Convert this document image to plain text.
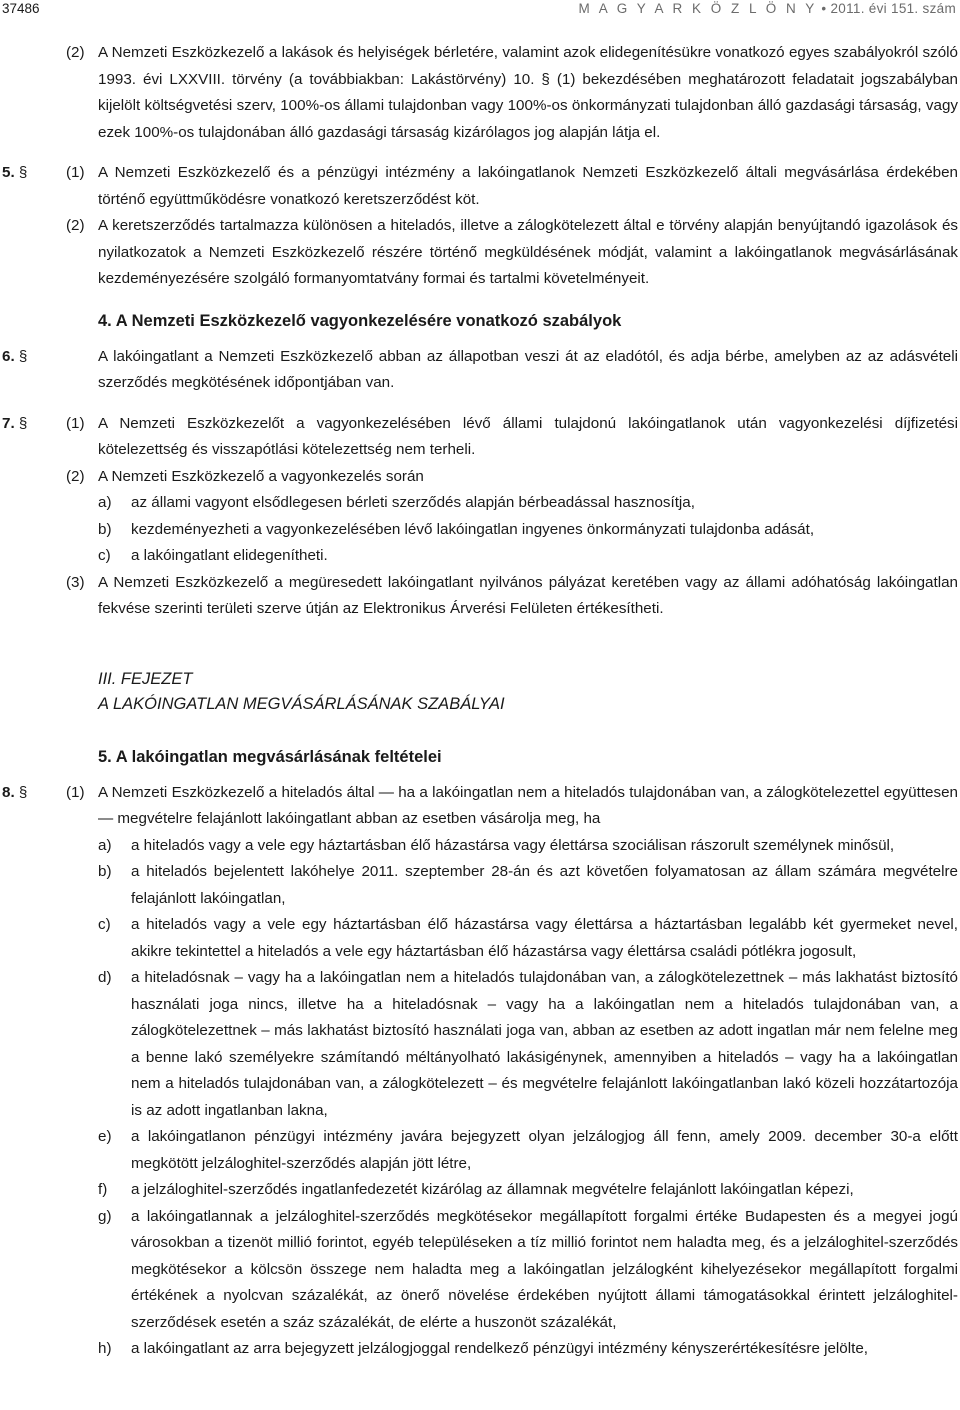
37486	M A G Y A R K Ö Z L Ö N Y • 2011. évi 151. szám
(2) A Nemzeti Eszközkezelő a lakások és helyiségek bérletére, valamint azok elidegenítésükre vonatkozó egyes szabályokról szóló 1993. évi LXXVIII. törvény (a továbbiakban: Lakástörvény) 10. § (1) bekezdésében meghatározott feladatait jogszabályban kijelölt költségvetési szerv, 100%-os állami tulajdonban vagy 100%-os önkormányzati tulajdonban álló gazdasági társaság, vagy ezek 100%-os tulajdonában álló gazdasági társaság kizárólagos jog alapján látja el.
5. §	(1) A Nemzeti Eszközkezelő és a pénzügyi intézmény a lakóingatlanok Nemzeti Eszközkezelő általi megvásárlása érdekében történő együttműködésre vonatkozó keretszerződést köt.
(2) A keretszerződés tartalmazza különösen a hiteladós, illetve a zálogkötelezett által e törvény alapján benyújtandó igazolások és nyilatkozatok a Nemzeti Eszközkezelő részére történő megküldésének módját, valamint a lakóingatlanok megvásárlásának kezdeményezésére szolgáló formanyomtatvány formai és tartalmi követelményeit.
4. A Nemzeti Eszközkezelő vagyonkezelésére vonatkozó szabályok
6. §	A lakóingatlant a Nemzeti Eszközkezelő abban az állapotban veszi át az eladótól, és adja bérbe, amelyben az az adásvételi szerződés megkötésének időpontjában van.
7. §	(1) A Nemzeti Eszközkezelőt a vagyonkezelésében lévő állami tulajdonú lakóingatlanok után vagyonkezelési díjfizetési kötelezettség és visszapótlási kötelezettség nem terheli.
(2) A Nemzeti Eszközkezelő a vagyonkezelés során
a)	az állami vagyont elsődlegesen bérleti szerződés alapján bérbeadással hasznosítja,
b)	kezdeményezheti a vagyonkezelésében lévő lakóingatlan ingyenes önkormányzati tulajdonba adását,
c)	a lakóingatlant elidegenítheti.
(3) A Nemzeti Eszközkezelő a megüresedett lakóingatlant nyilvános pályázat keretében vagy az állami adóhatóság lakóingatlan fekvése szerinti területi szerve útján az Elektronikus Árverési Felületen értékesítheti.
III. FEJEZET
A LAKÓINGATLAN MEGVÁSÁRLÁSÁNAK SZABÁLYAI
5. A lakóingatlan megvásárlásának feltételei
8. §	(1) A Nemzeti Eszközkezelő a hiteladós által ― ha a lakóingatlan nem a hiteladós tulajdonában van, a zálogkötelezettel együttesen ― megvételre felajánlott lakóingatlant abban az esetben vásárolja meg, ha
a)	a hiteladós vagy a vele egy háztartásban élő házastársa vagy élettársa szociálisan rászorult személynek minősül,
b)	a hiteladós bejelentett lakóhelye 2011. szeptember 28-án és azt követően folyamatosan az állam számára megvételre felajánlott lakóingatlan,
c)	a hiteladós vagy a vele egy háztartásban élő házastársa vagy élettársa a háztartásban legalább két gyermeket nevel, akikre tekintettel a hiteladós a vele egy háztartásban élő házastársa vagy élettársa családi pótlékra jogosult,
d)	a hiteladósnak – vagy ha a lakóingatlan nem a hiteladós tulajdonában van, a zálogkötelezettnek – más lakhatást biztosító használati joga nincs, illetve ha a hiteladósnak – vagy ha a lakóingatlan nem a hiteladós tulajdonában van, a zálogkötelezettnek – más lakhatást biztosító használati joga van, abban az esetben az adott ingatlan már nem felelne meg a benne lakó személyekre számítandó méltányolható lakásigénynek, amennyiben a hiteladós – vagy ha a lakóingatlan nem a hiteladós tulajdonában van, a zálogkötelezett – és megvételre felajánlott lakóingatlanban lakó közeli hozzátartozója is az adott ingatlanban lakna,
e)	a lakóingatlanon pénzügyi intézmény javára bejegyzett olyan jelzálogjog áll fenn, amely 2009. december 30-a előtt megkötött jelzáloghitel-szerződés alapján jött létre,
f)	a jelzáloghitel-szerződés ingatlanfedezetét kizárólag az államnak megvételre felajánlott lakóingatlan képezi,
g)	a lakóingatlannak a jelzáloghitel-szerződés megkötésekor megállapított forgalmi értéke Budapesten és a megyei jogú városokban a tizenöt millió forintot, egyéb településeken a tíz millió forintot nem haladta meg, és a jelzáloghitel-szerződés megkötésekor a kölcsön összege nem haladta meg a lakóingatlan jelzálogként kihelyezésekor megállapított forgalmi értékének a nyolcvan százalékát, az önerő növelése érdekében nyújtott állami támogatásokkal érintett jelzáloghitel-szerződések esetén a száz százalékát, de elérte a huszonöt százalékát,
h)	a lakóingatlant az arra bejegyzett jelzálogjoggal rendelkező pénzügyi intézmény kényszerértékesítésre jelölte,
